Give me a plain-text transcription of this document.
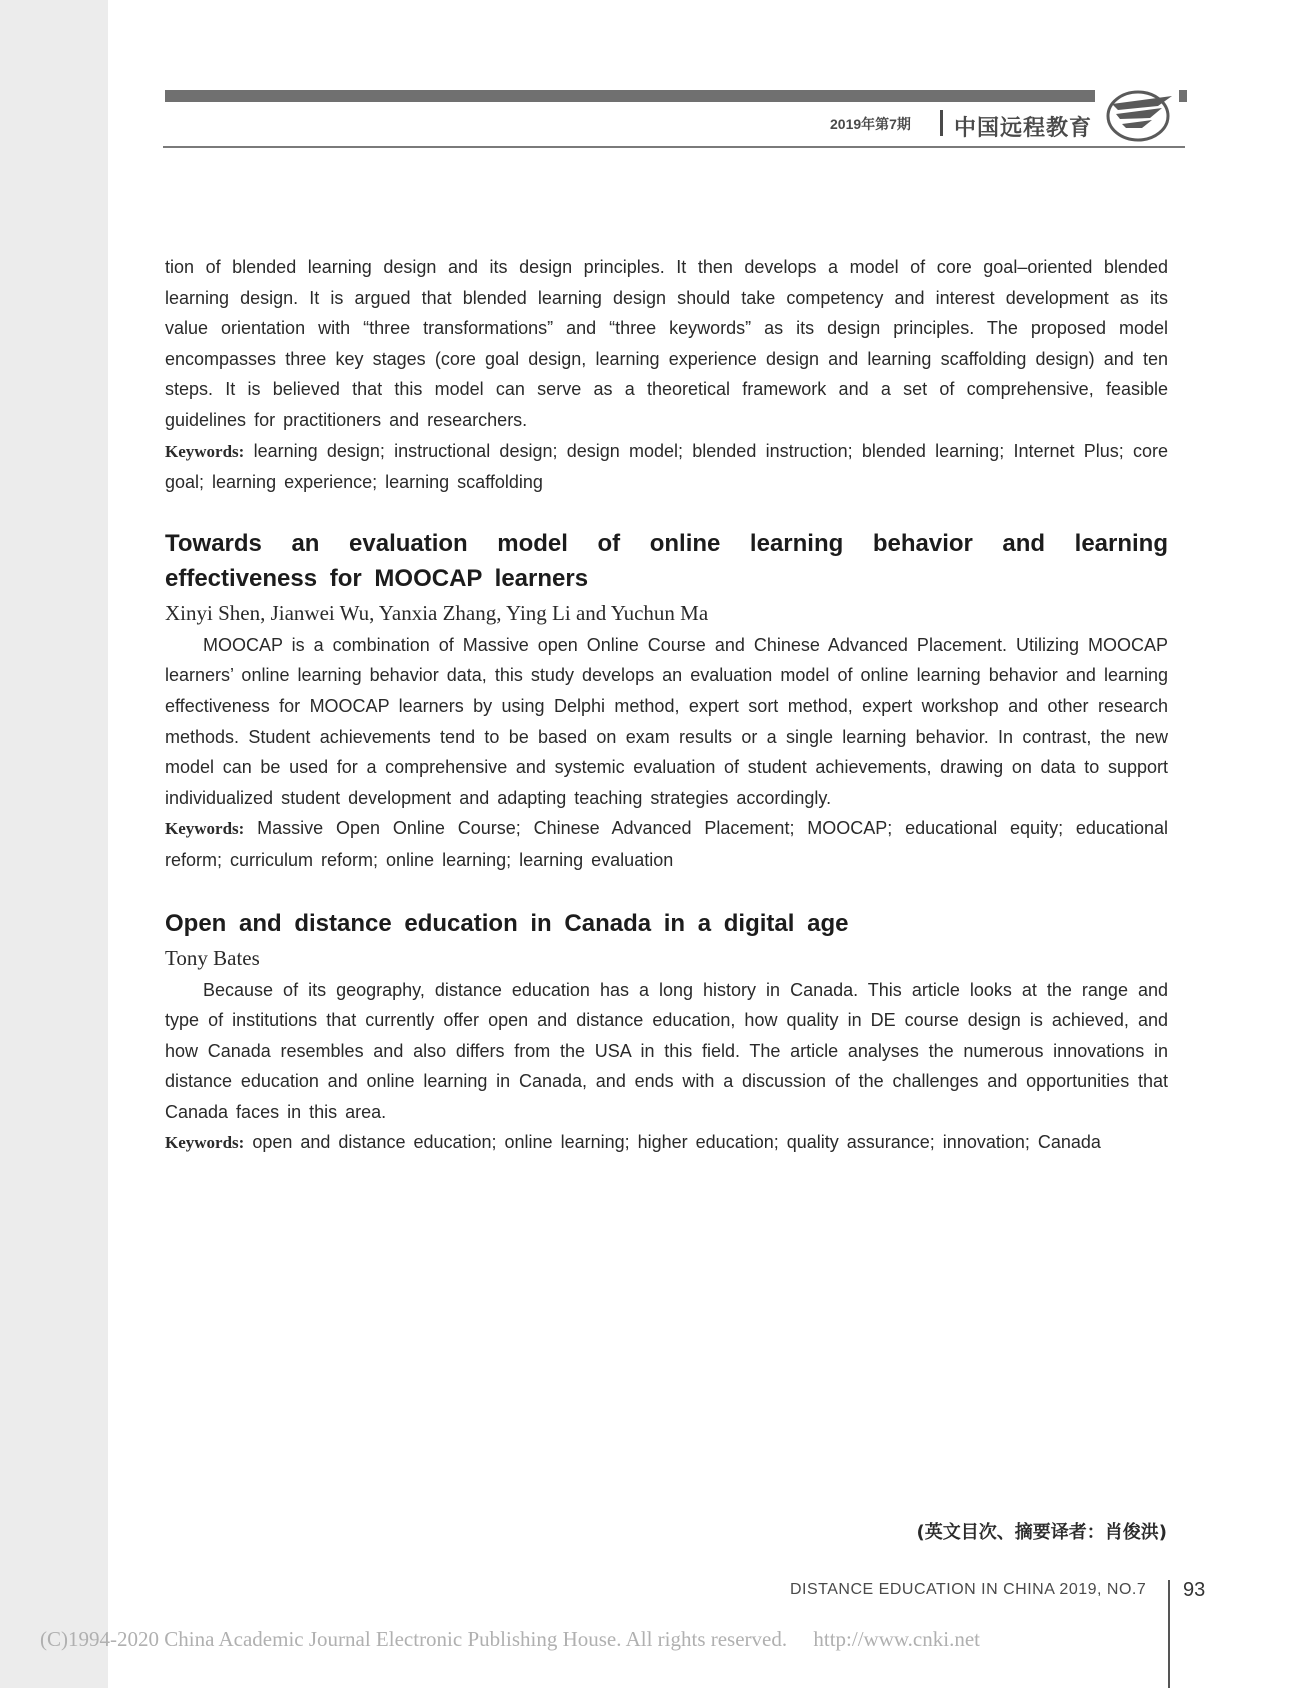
2019年第7期 中国远程教育

tion of blended learning design and its design principles. It then develops a model of core goal–oriented blended learning design. It is argued that blended learning design should take competency and interest development as its value orientation with “three transformations” and “three keywords” as its design principles. The proposed model encompasses three key stages (core goal design, learning experience design and learning scaffolding design) and ten steps. It is believed that this model can serve as a theoretical framework and a set of comprehensive, feasible guidelines for practitioners and researchers.

Keywords: learning design; instructional design; design model; blended instruction; blended learning; Internet Plus; core goal; learning experience; learning scaffolding

Towards an evaluation model of online learning behavior and learning effectiveness for MOOCAP learners

Xinyi Shen, Jianwei Wu, Yanxia Zhang, Ying Li and Yuchun Ma

MOOCAP is a combination of Massive open Online Course and Chinese Advanced Placement. Utilizing MOOCAP learners’ online learning behavior data, this study develops an evaluation model of online learning behavior and learning effectiveness for MOOCAP learners by using Delphi method, expert sort method, expert workshop and other research methods. Student achievements tend to be based on exam results or a single learning behavior. In contrast, the new model can be used for a comprehensive and systemic evaluation of student achievements, drawing on data to support individualized student development and adapting teaching strategies accordingly.

Keywords: Massive Open Online Course; Chinese Advanced Placement; MOOCAP; educational equity; educational reform; curriculum reform; online learning; learning evaluation

Open and distance education in Canada in a digital age

Tony Bates

Because of its geography, distance education has a long history in Canada. This article looks at the range and type of institutions that currently offer open and distance education, how quality in DE course design is achieved, and how Canada resembles and also differs from the USA in this field. The article analyses the numerous innovations in distance education and online learning in Canada, and ends with a discussion of the challenges and opportunities that Canada faces in this area.

Keywords: open and distance education; online learning; higher education; quality assurance; innovation; Canada

(英文目次、摘要译者：肖俊洪)
DISTANCE EDUCATION IN CHINA 2019, NO.7 93
(C)1994-2020 China Academic Journal Electronic Publishing House. All rights reserved.     http://www.cnki.net
